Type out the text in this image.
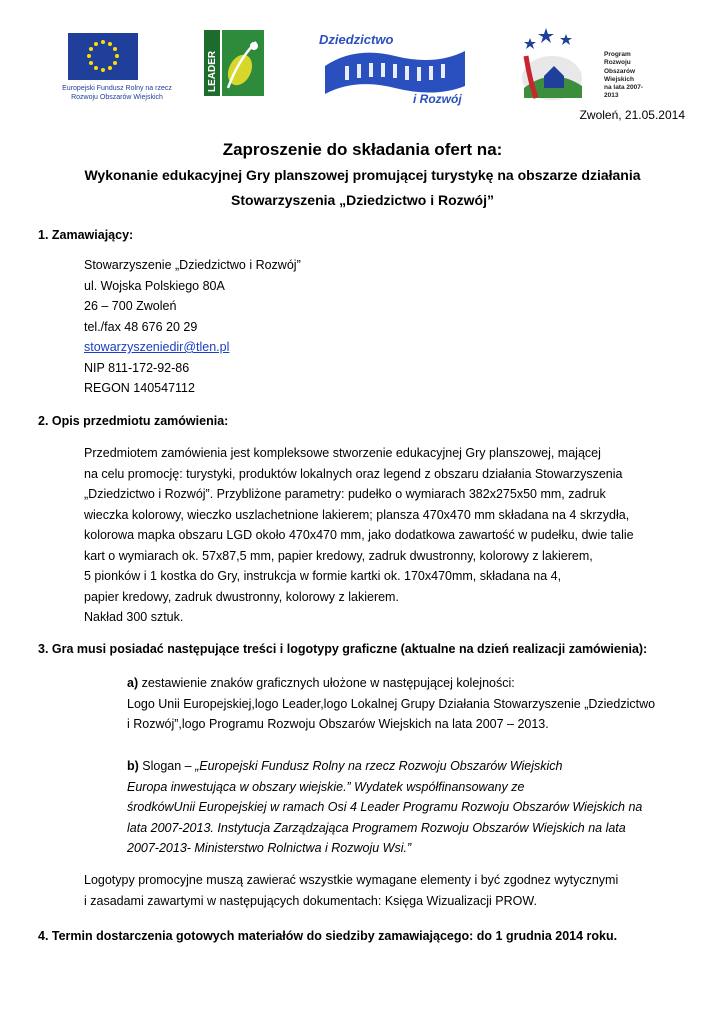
Europejski Fundusz Rolny na rzecz Rozwoju Obszarów Wiejskich
LEADER
Dziedzictwo
i Rozwój
Program
Rozwoju
Obszarów
Wiejskich
na lata 2007-2013
Zwoleń, 21.05.2014
Zaproszenie do składania ofert na:
Wykonanie edukacyjnej Gry planszowej promującej turystykę na obszarze działania
Stowarzyszenia „Dziedzictwo i Rozwój”
1. Zamawiający:
Stowarzyszenie „Dziedzictwo i Rozwój”
ul. Wojska Polskiego 80A
26 – 700 Zwoleń
tel./fax 48 676 20 29
stowarzyszeniedir@tlen.pl
NIP 811-172-92-86
REGON 140547112
2. Opis przedmiotu zamówienia:
Przedmiotem zamówienia jest kompleksowe stworzenie edukacyjnej Gry planszowej, mającej
na celu promocję: turystyki, produktów lokalnych oraz legend z obszaru działania Stowarzyszenia
„Dziedzictwo i Rozwój”. Przybliżone parametry: pudełko o wymiarach 382x275x50 mm, zadruk
wieczka kolorowy, wieczko uszlachetnione lakierem; plansza 470x470 mm składana na 4 skrzydła,
kolorowa mapka obszaru LGD około 470x470 mm, jako dodatkowa zawartość w pudełku, dwie talie
kart o wymiarach ok. 57x87,5 mm, papier kredowy, zadruk dwustronny, kolorowy z lakierem,
5 pionków i 1 kostka do Gry, instrukcja w formie kartki ok. 170x470mm, składana na 4,
papier kredowy, zadruk dwustronny, kolorowy z lakierem.
Nakład 300 sztuk.
3. Gra musi posiadać następujące treści i logotypy graficzne (aktualne na dzień realizacji zamówienia):
a) zestawienie znaków graficznych ułożone w następującej kolejności:
Logo Unii Europejskiej,logo Leader,logo Lokalnej Grupy Działania Stowarzyszenie „Dziedzictwo
i Rozwój”,logo Programu Rozwoju Obszarów Wiejskich na lata 2007 – 2013.
b) Slogan – „Europejski Fundusz Rolny na rzecz Rozwoju Obszarów Wiejskich
Europa inwestująca w obszary wiejskie.” Wydatek współfinansowany ze
środkówUnii Europejskiej w ramach Osi 4 Leader Programu Rozwoju Obszarów Wiejskich na
lata 2007-2013. Instytucja Zarządzająca Programem Rozwoju Obszarów Wiejskich na lata
2007-2013- Ministerstwo Rolnictwa i Rozwoju Wsi.”
Logotypy promocyjne muszą zawierać wszystkie wymagane elementy i być zgodnez wytycznymi
i zasadami zawartymi w następujących dokumentach: Księga Wizualizacji PROW.
4. Termin dostarczenia gotowych materiałów do siedziby zamawiającego: do 1 grudnia 2014 roku.
